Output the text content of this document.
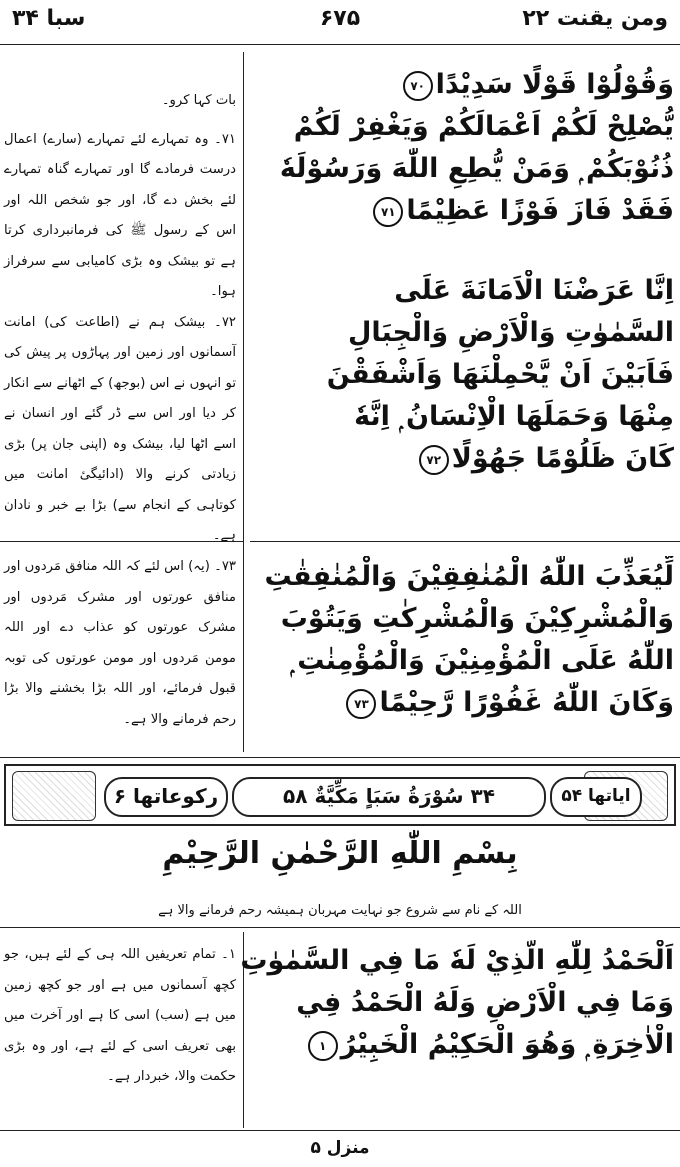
سبا ۳۴	۶۷۵	ومن یقنت ۲۲
وَقُوْلُوْا قَوْلًا سَدِيْدًا۷۰
يُّصْلِحْ لَكُمْ اَعْمَالَكُمْ وَيَغْفِرْ لَكُمْ
ذُنُوْبَكُمْ ۭ وَمَنْ يُّطِعِ اللّٰهَ وَرَسُوْلَهٗ
فَقَدْ فَازَ فَوْزًا عَظِيْمًا۷۱
اِنَّا عَرَضْنَا الْاَمَانَةَ عَلَى
السَّمٰوٰتِ وَالْاَرْضِ وَالْجِبَالِ
فَاَبَيْنَ اَنْ يَّحْمِلْنَهَا وَاَشْفَقْنَ
مِنْهَا وَحَمَلَهَا الْاِنْسَانُ ۭ اِنَّهٗ
كَانَ ظَلُوْمًا جَهُوْلًا۷۲
لِّيُعَذِّبَ اللّٰهُ الْمُنٰفِقِيْنَ وَالْمُنٰفِقٰتِ
وَالْمُشْرِكِيْنَ وَالْمُشْرِكٰتِ وَيَتُوْبَ
اللّٰهُ عَلَى الْمُؤْمِنِيْنَ وَالْمُؤْمِنٰتِ ۭ
وَكَانَ اللّٰهُ غَفُوْرًا رَّحِيْمًا۷۳

بات کہا کرو۔

۷۱۔ وہ تمہارے لئے تمہارے (سارے) اعمال درست فرمادے گا اور تمہارے گناہ تمہارے لئے بخش دے گا، اور جو شخص اللہ اور اس کے رسول ﷺ کی فرمانبرداری کرتا ہے تو بیشک وہ بڑی کامیابی سے سرفراز ہوا۔

۷۲۔ بیشک ہم نے (اطاعت کی) امانت آسمانوں اور زمین اور پہاڑوں پر پیش کی تو انہوں نے اس (بوجھ) کے اٹھانے سے انکار کر دیا اور اس سے ڈر گئے اور انسان نے اسے اٹھا لیا، بیشک وہ (اپنی جان پر) بڑی زیادتی کرنے والا (ادائیگیٔ امانت میں کوتاہی کے انجام سے) بڑا بے خبر و نادان ہے۔

۷۳۔ (یہ) اس لئے کہ اللہ منافق مَردوں اور منافق عورتوں اور مشرک مَردوں اور مشرک عورتوں کو عذاب دے اور اللہ مومن مَردوں اور مومن عورتوں کی توبہ قبول فرمائے، اور اللہ بڑا بخشنے والا بڑا رحم فرمانے والا ہے۔

رکوعاتھا ۶	۳۴ سُوْرَةُ سَبَاٍ مَكِّيَّةٌ ۵۸	ایاتھا ۵۴
بِسْمِ اللّٰهِ الرَّحْمٰنِ الرَّحِيْمِ
اللہ کے نام سے شروع جو نہایت مہربان ہمیشہ رحم فرمانے والا ہے
اَلْحَمْدُ لِلّٰهِ الَّذِيْ لَهٗ مَا فِي السَّمٰوٰتِ
وَمَا فِي الْاَرْضِ وَلَهُ الْحَمْدُ فِي
الْاٰخِرَةِ ۭ وَهُوَ الْحَكِيْمُ الْخَبِيْرُ۱

۱۔ تمام تعریفیں اللہ ہی کے لئے ہیں، جو کچھ آسمانوں میں ہے اور جو کچھ زمین میں ہے (سب) اسی کا ہے اور آخرت میں بھی تعریف اسی کے لئے ہے، اور وہ بڑی حکمت والا، خبردار ہے۔

منزل ۵
